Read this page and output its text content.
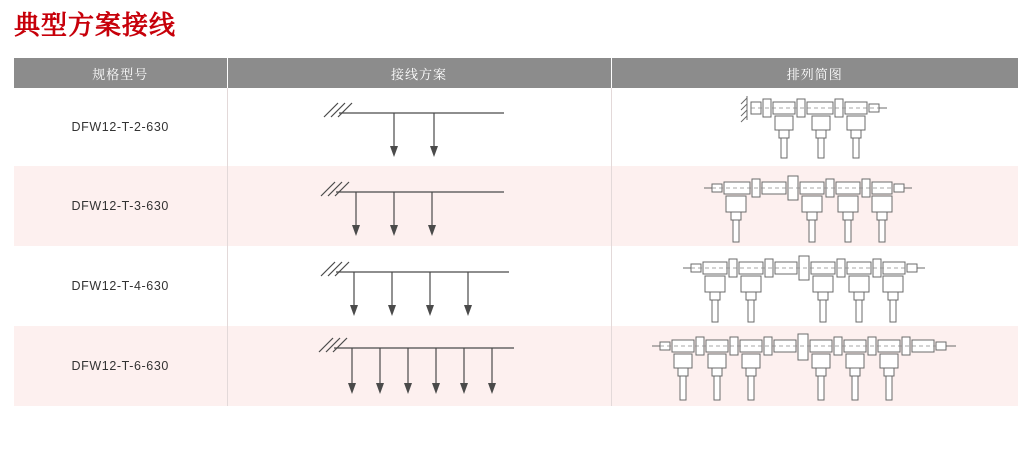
典型方案接线
规格型号	接线方案	排列简图
DFW12-T-2-630	

DFW12-T-3-630	

DFW12-T-4-630	

DFW12-T-6-630	
